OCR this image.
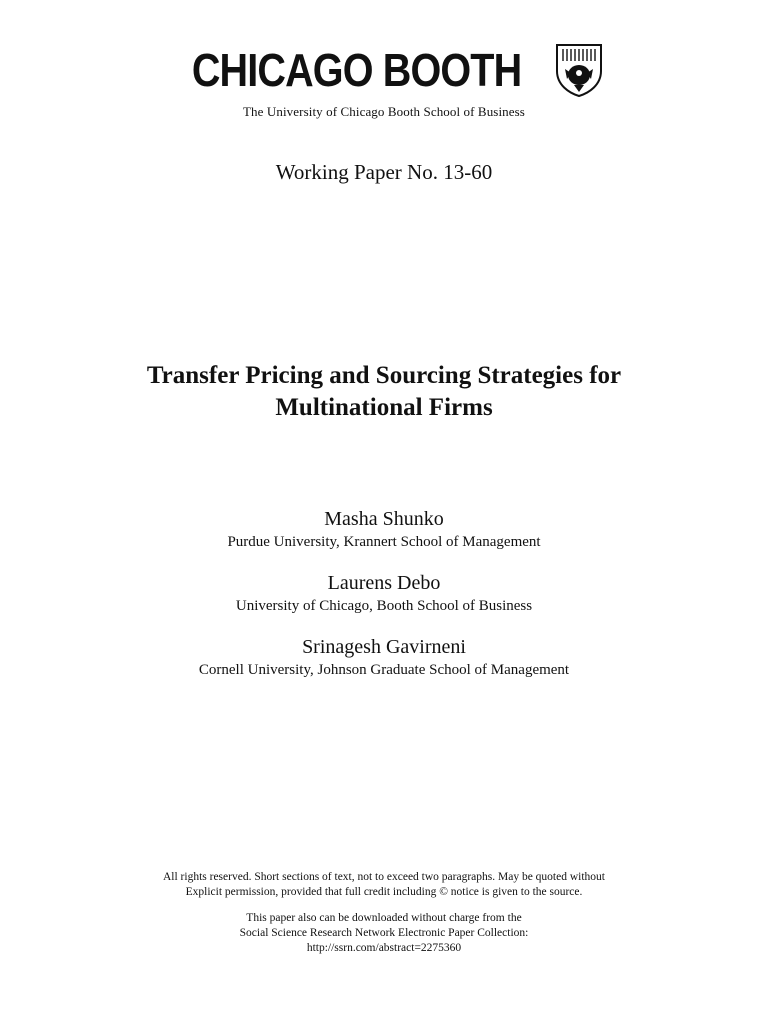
CHICAGO BOOTH
The University of Chicago Booth School of Business
Working Paper No. 13-60
Transfer Pricing and Sourcing Strategies for
Multinational Firms
Masha Shunko
Purdue University, Krannert School of Management
Laurens Debo
University of Chicago, Booth School of Business
Srinagesh Gavirneni
Cornell University, Johnson Graduate School of Management

All rights reserved. Short sections of text, not to exceed two paragraphs. May be quoted without
Explicit permission, provided that full credit including © notice is given to the source.

This paper also can be downloaded without charge from the
Social Science Research Network Electronic Paper Collection:
http://ssrn.com/abstract=2275360
